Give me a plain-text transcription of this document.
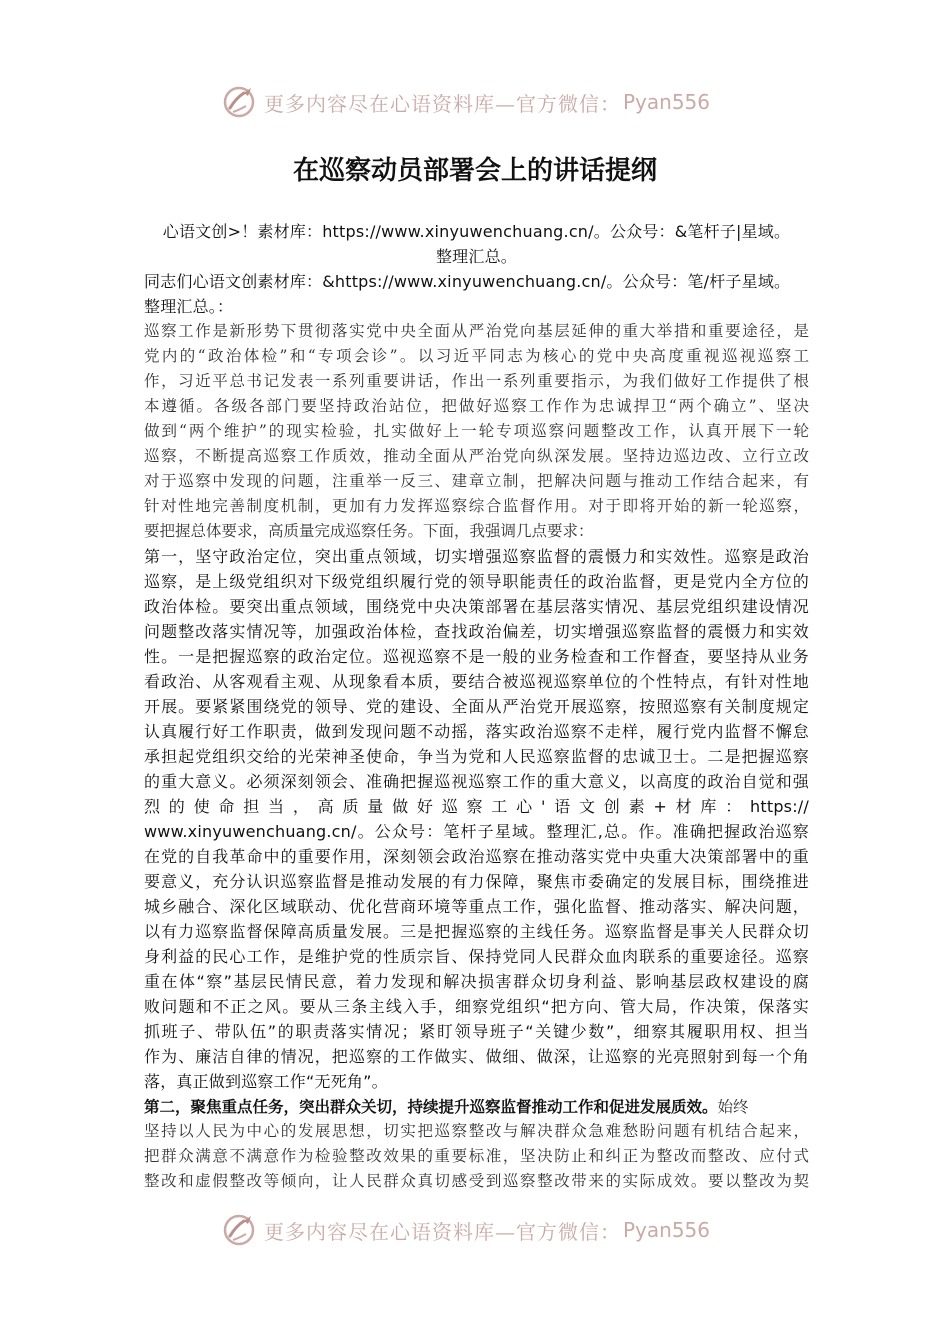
更多内容尽在心语资料库—官方微信： Pyan556
在巡察动员部署会上的讲话提纲
心语文创>！素材库：https://www.xinyuwenchuang.cn/。公众号：&笔杆子|星域。
整理汇总。
同志们心语文创素材库：&https://www.xinyuwenchuang.cn/。公众号：笔/杆子星域。
整理汇总。：
巡察工作是新形势下贯彻落实党中央全面从严治党向基层延伸的重大举措和重要途径，是
党内的“政治体检”和“专项会诊”。以习近平同志为核心的党中央高度重视巡视巡察工
作，习近平总书记发表一系列重要讲话，作出一系列重要指示，为我们做好工作提供了根
本遵循。各级各部门要坚持政治站位，把做好巡察工作作为忠诚捍卫“两个确立”、坚决
做到“两个维护”的现实检验，扎实做好上一轮专项巡察问题整改工作，认真开展下一轮
巡察，不断提高巡察工作质效，推动全面从严治党向纵深发展。坚持边巡边改、立行立改
对于巡察中发现的问题，注重举一反三、建章立制，把解决问题与推动工作结合起来，有
针对性地完善制度机制，更加有力发挥巡察综合监督作用。对于即将开始的新一轮巡察，
要把握总体要求，高质量完成巡察任务。下面，我强调几点要求：
第一，坚守政治定位，突出重点领域，切实增强巡察监督的震慑力和实效性。巡察是政治
巡察，是上级党组织对下级党组织履行党的领导职能责任的政治监督，更是党内全方位的
政治体检。要突出重点领域，围绕党中央决策部署在基层落实情况、基层党组织建设情况
问题整改落实情况等，加强政治体检，查找政治偏差，切实增强巡察监督的震慑力和实效
性。一是把握巡察的政治定位。巡视巡察不是一般的业务检查和工作督查，要坚持从业务
看政治、从客观看主观、从现象看本质，要结合被巡视巡察单位的个性特点，有针对性地
开展。要紧紧围绕党的领导、党的建设、全面从严治党开展巡察，按照巡察有关制度规定
认真履行好工作职责，做到发现问题不动摇，落实政治巡察不走样，履行党内监督不懈怠
承担起党组织交给的光荣神圣使命，争当为党和人民巡察监督的忠诚卫士。二是把握巡察
的重大意义。必须深刻领会、准确把握巡视巡察工作的重大意义，以高度的政治自觉和强
烈的使命担当，高质量做好巡察工心'语文创素+材库：https://
www.xinyuwenchuang.cn/。公众号：笔杆子星域。整理汇,总。作。准确把握政治巡察
在党的自我革命中的重要作用，深刻领会政治巡察在推动落实党中央重大决策部署中的重
要意义，充分认识巡察监督是推动发展的有力保障，聚焦市委确定的发展目标，围绕推进
城乡融合、深化区域联动、优化营商环境等重点工作，强化监督、推动落实、解决问题，
以有力巡察监督保障高质量发展。三是把握巡察的主线任务。巡察监督是事关人民群众切
身利益的民心工作，是维护党的性质宗旨、保持党同人民群众血肉联系的重要途径。巡察
重在体“察”基层民情民意，着力发现和解决损害群众切身利益、影响基层政权建设的腐
败问题和不正之风。要从三条主线入手，细察党组织“把方向、管大局，作决策，保落实
抓班子、带队伍”的职责落实情况；紧盯领导班子“关键少数”，细察其履职用权、担当
作为、廉洁自律的情况，把巡察的工作做实、做细、做深，让巡察的光亮照射到每一个角
落，真正做到巡察工作“无死角”。
第二，聚焦重点任务，突出群众关切，持续提升巡察监督推动工作和促进发展质效。始终
坚持以人民为中心的发展思想，切实把巡察整改与解决群众急难愁盼问题有机结合起来，
把群众满意不满意作为检验整改效果的重要标准，坚决防止和纠正为整改而整改、应付式
整改和虚假整改等倾向，让人民群众真切感受到巡察整改带来的实际成效。要以整改为契
更多内容尽在心语资料库—官方微信： Pyan556
